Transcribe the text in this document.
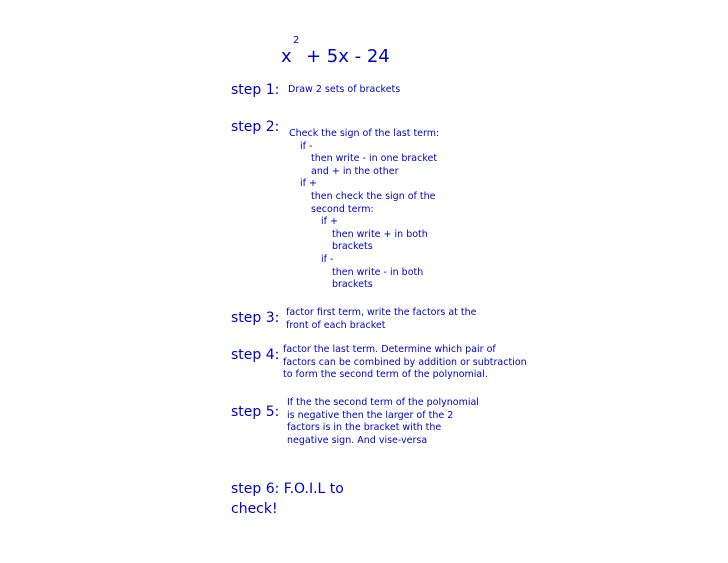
x
2
+ 5x - 24
step 1: Draw 2 sets of brackets
step 2: Check the sign of the last term:
if -
then write - in one bracket
and + in the other
if +
then check the sign of the
second term:
if +
then write + in both
brackets
if -
then write - in both
brackets
step 3: factor first term, write the factors at the
front of each bracket
step 4: factor the last term. Determine which pair of
factors can be combined by addition or subtraction
to form the second term of the polynomial.
step 5:
If the the second term of the polynomial
is negative then the larger of the 2
factors is in the bracket with the
negative sign. And vise-versa
step 6: F.O.I.L to
check!
